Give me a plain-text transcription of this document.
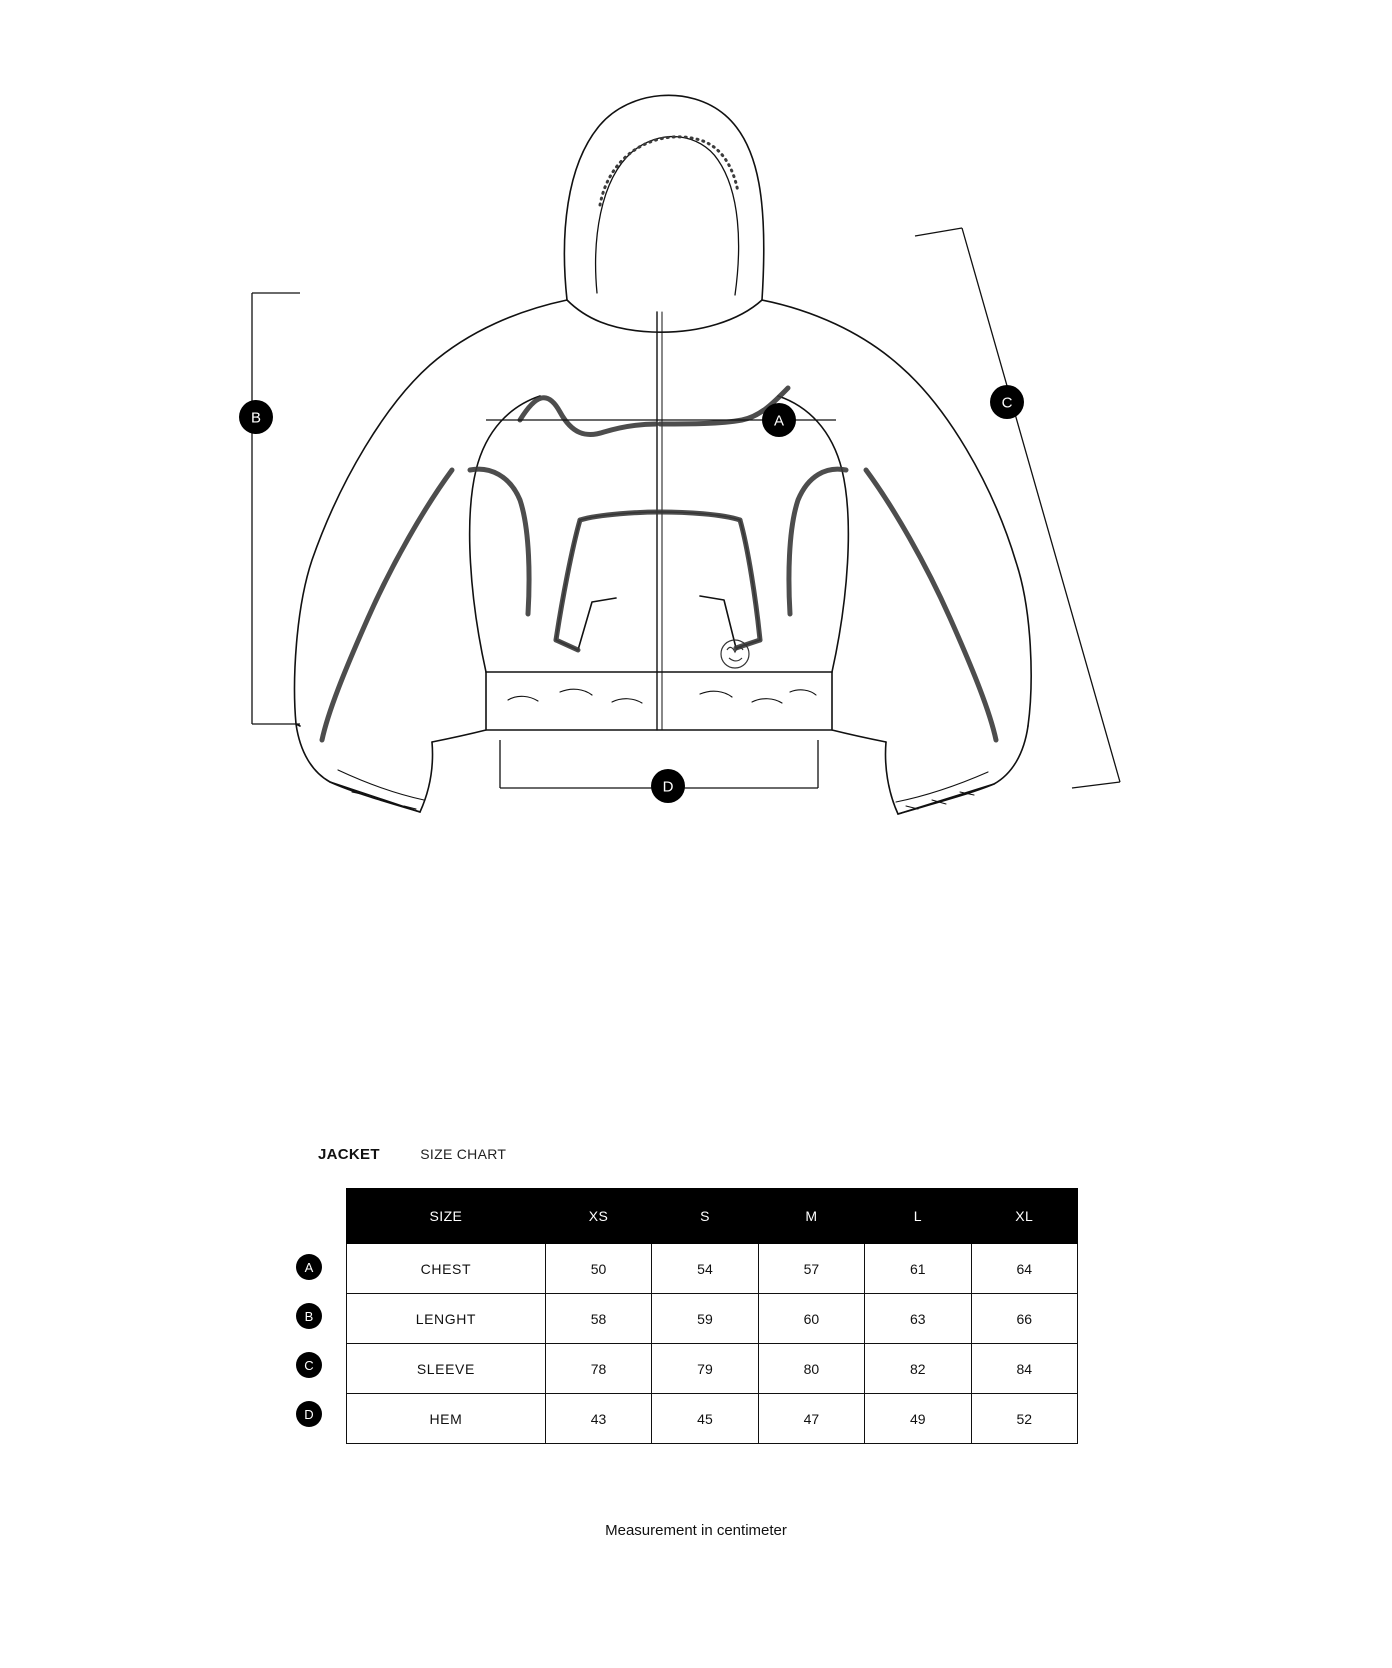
A
B
C
D
JACKET	SIZE CHART
A
B
C
D
SIZE	XS	S	M	L	XL
CHEST	50	54	57	61	64
LENGHT	58	59	60	63	66
SLEEVE	78	79	80	82	84
HEM	43	45	47	49	52
Measurement in centimeter
